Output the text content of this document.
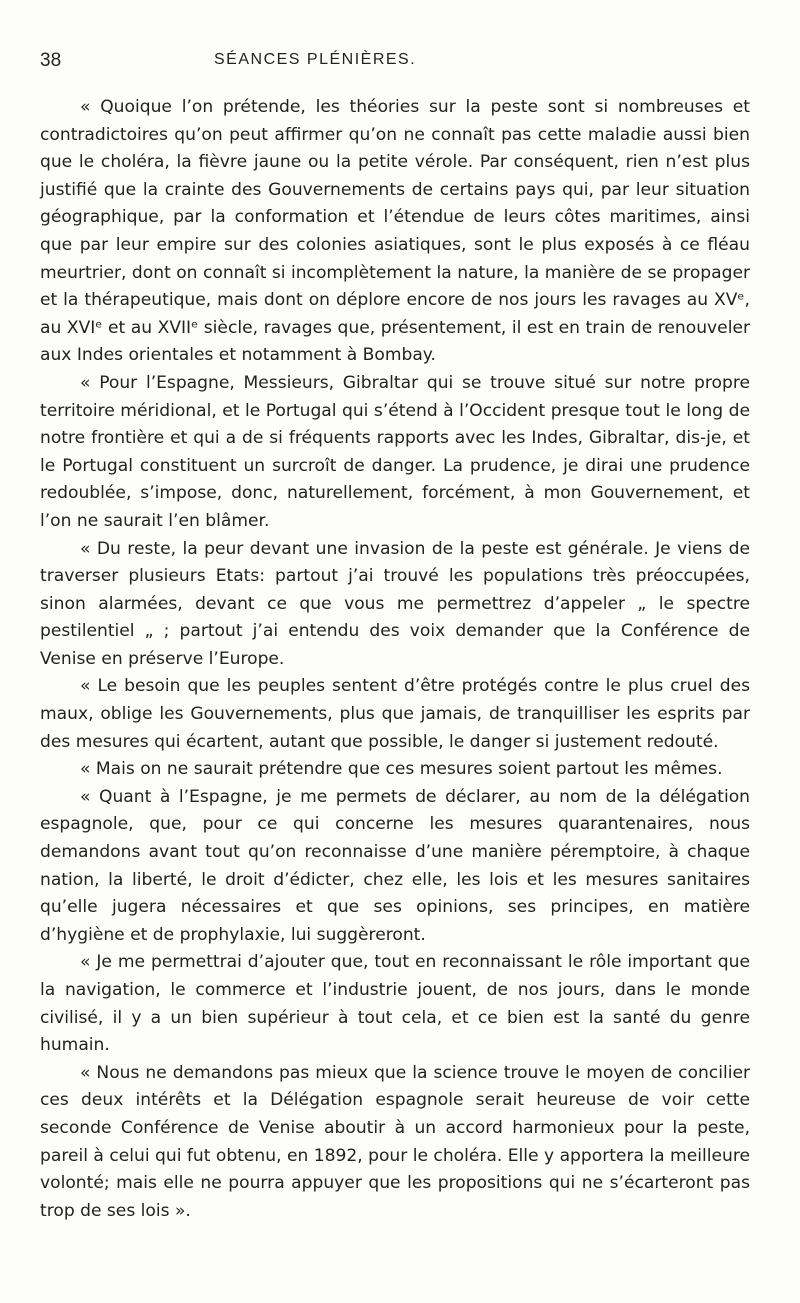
38	SÉANCES PLÉNIÈRES.

« Quoique l’on prétende, les théories sur la peste sont si nombreuses et contradictoires qu’on peut affirmer qu’on ne connaît pas cette maladie aussi bien que le choléra, la fièvre jaune ou la petite vérole. Par conséquent, rien n’est plus justifié que la crainte des Gouvernements de certains pays qui, par leur situation géographique, par la conformation et l’étendue de leurs côtes maritimes, ainsi que par leur empire sur des colonies asiatiques, sont le plus exposés à ce fléau meurtrier, dont on connaît si incomplètement la nature, la manière de se propager et la thérapeutique, mais dont on déplore encore de nos jours les ravages au XVᵉ, au XVIᵉ et au XVIIᵉ siècle, ravages que, présentement, il est en train de renouveler aux Indes orientales et notamment à Bombay.

« Pour l’Espagne, Messieurs, Gibraltar qui se trouve situé sur notre propre territoire méridional, et le Portugal qui s’étend à l’Occident presque tout le long de notre frontière et qui a de si fréquents rapports avec les Indes, Gibraltar, dis-je, et le Portugal constituent un surcroît de danger. La prudence, je dirai une prudence redoublée, s’impose, donc, naturellement, forcément, à mon Gouvernement, et l’on ne saurait l’en blâmer.

« Du reste, la peur devant une invasion de la peste est générale. Je viens de traverser plusieurs Etats: partout j’ai trouvé les populations très préoccupées, sinon alarmées, devant ce que vous me permettrez d’appeler „ le spectre pestilentiel „ ; partout j’ai entendu des voix demander que la Conférence de Venise en préserve l’Europe.

« Le besoin que les peuples sentent d’être protégés contre le plus cruel des maux, oblige les Gouvernements, plus que jamais, de tranquilliser les esprits par des mesures qui écartent, autant que possible, le danger si justement redouté.

« Mais on ne saurait prétendre que ces mesures soient partout les mêmes.

« Quant à l’Espagne, je me permets de déclarer, au nom de la délégation espagnole, que, pour ce qui concerne les mesures quarantenaires, nous demandons avant tout qu’on reconnaisse d’une manière péremptoire, à chaque nation, la liberté, le droit d’édicter, chez elle, les lois et les mesures sanitaires qu’elle jugera nécessaires et que ses opinions, ses principes, en matière d’hygiène et de prophylaxie, lui suggèreront.

« Je me permettrai d’ajouter que, tout en reconnaissant le rôle important que la navigation, le commerce et l’industrie jouent, de nos jours, dans le monde civilisé, il y a un bien supérieur à tout cela, et ce bien est la santé du genre humain.

« Nous ne demandons pas mieux que la science trouve le moyen de concilier ces deux intérêts et la Délégation espagnole serait heureuse de voir cette seconde Conférence de Venise aboutir à un accord harmonieux pour la peste, pareil à celui qui fut obtenu, en 1892, pour le choléra. Elle y apportera la meilleure volonté; mais elle ne pourra appuyer que les propositions qui ne s’écarteront pas trop de ses lois ».
